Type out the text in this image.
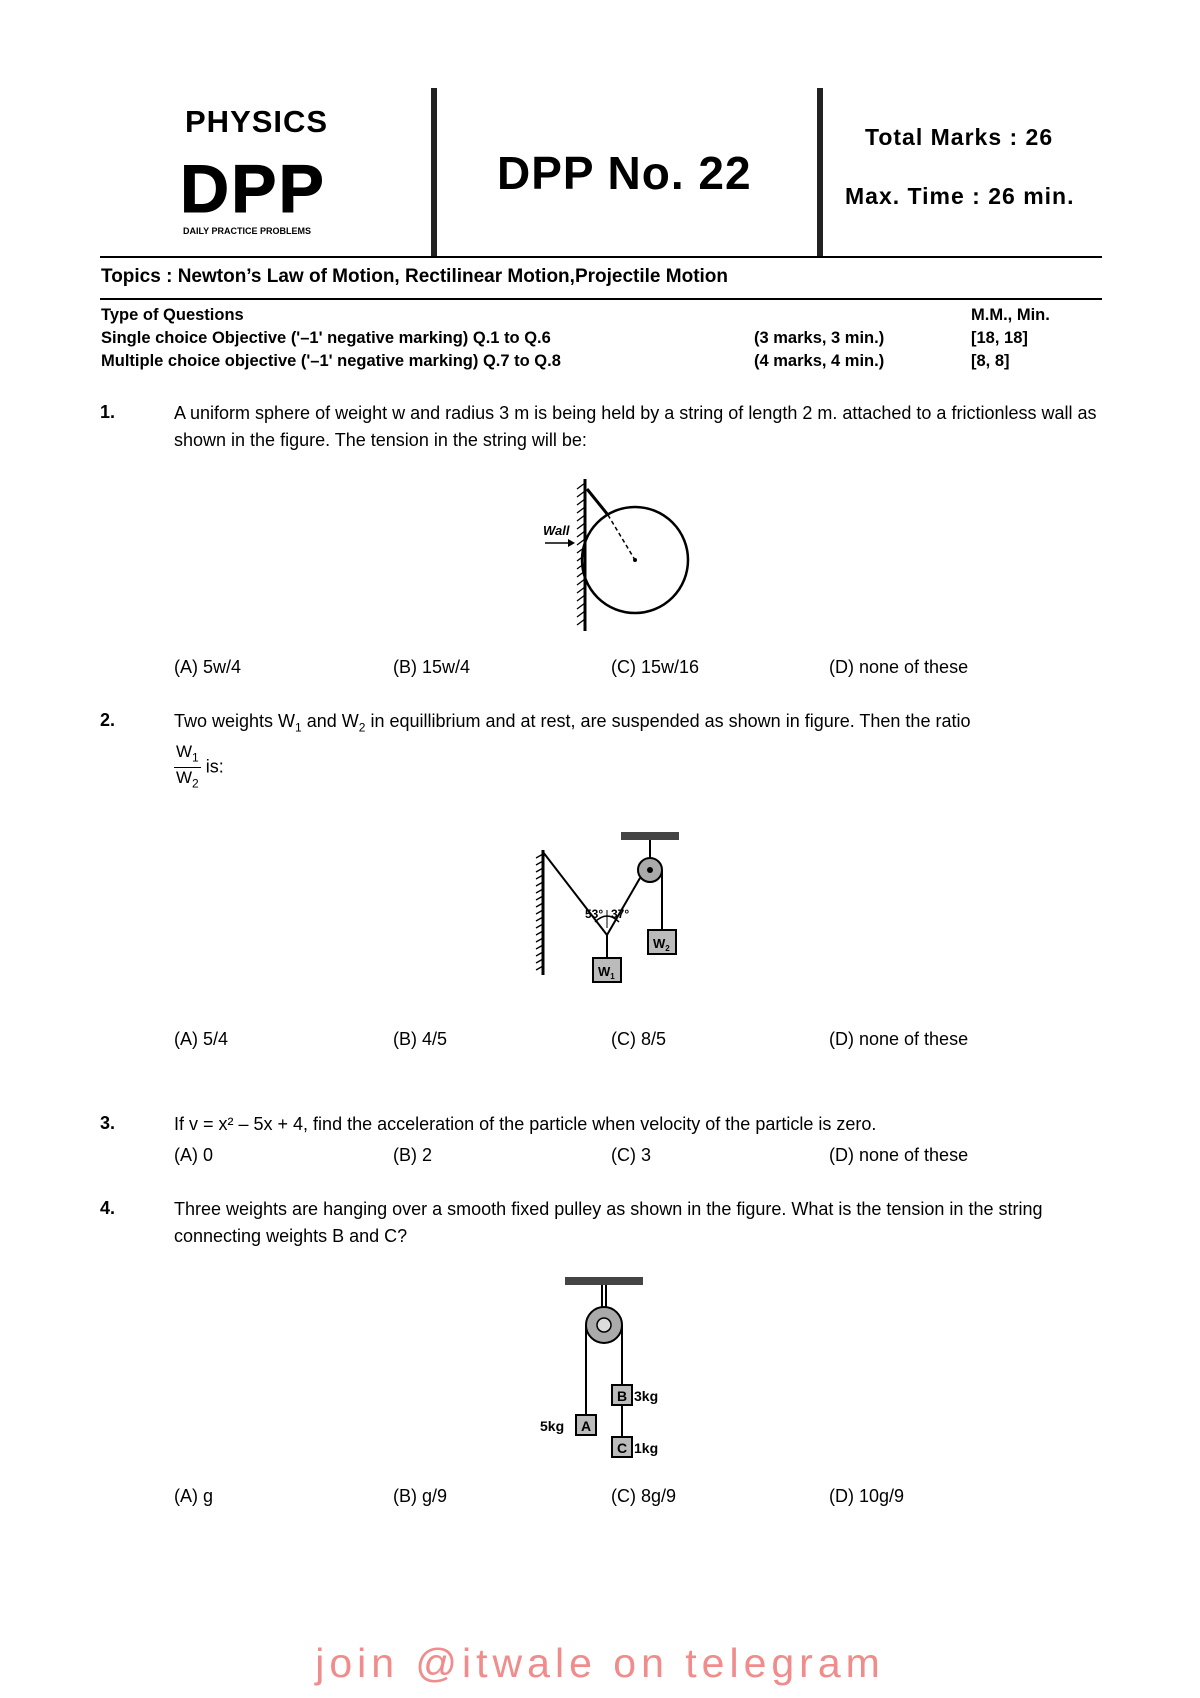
PHYSICS
DPP
DAILY PRACTICE PROBLEMS
DPP No. 22
Total Marks : 26
Max. Time : 26 min.
Topics : Newton’s Law of Motion, Rectilinear Motion,Projectile Motion
Type of Questions	M.M., Min.
Single choice Objective ('–1' negative marking) Q.1 to Q.6	(3 marks, 3 min.)	[18, 18]
Multiple choice objective ('–1' negative marking) Q.7 to Q.8	(4 marks, 4 min.)	[8, 8]
1.	A uniform sphere of weight w and radius 3 m is being held by a string of length 2 m. attached to a frictionless wall as shown in the figure. The tension in the string will be:
Wall
(A) 5w/4	(B) 15w/4	(C) 15w/16	(D) none of these
2.	Two weights $W_1$ and $W_2$ in equillibrium and at rest, are suspended as shown in figure. Then the ratio
$\frac{W_1}{W_2}$ is:
53° 37°
$W_1$
$W_2$
(A) 5/4	(B) 4/5	(C) 8/5	(D) none of these
3.	If v = x² – 5x + 4, find the acceleration of the particle when velocity of the particle is zero.
(A) 0	(B) 2	(C) 3	(D) none of these
4.	Three weights are hanging over a smooth fixed pulley as shown in the figure. What is the tension in the string connecting weights B and C?
B 3kg
A
5kg
C 1kg
(A) g	(B) g/9	(C) 8g/9	(D) 10g/9
join @itwale on telegram
